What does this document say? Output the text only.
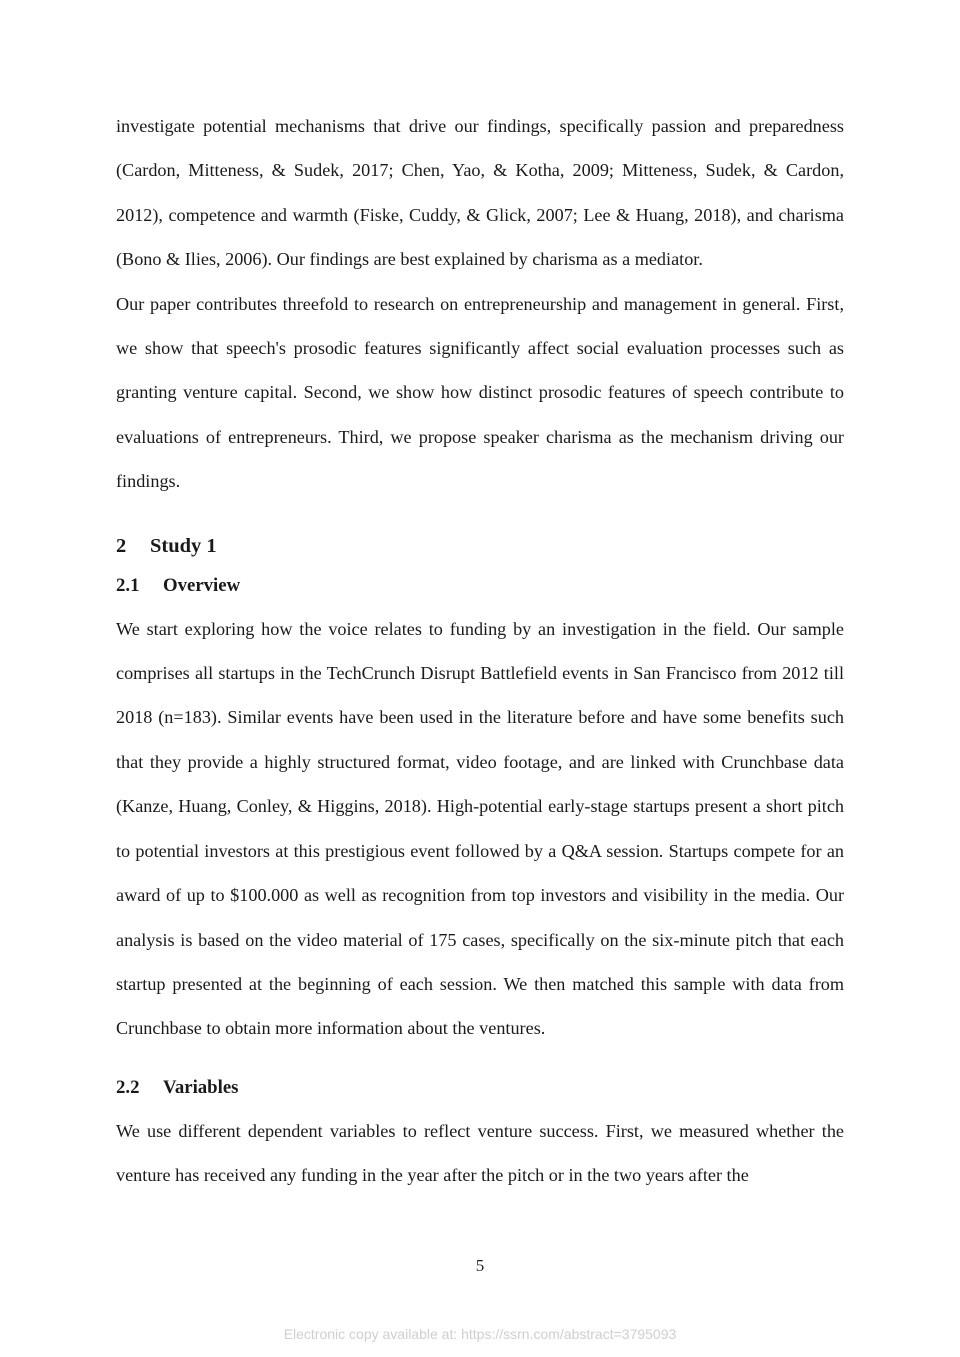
investigate potential mechanisms that drive our findings, specifically passion and preparedness (Cardon, Mitteness, & Sudek, 2017; Chen, Yao, & Kotha, 2009; Mitteness, Sudek, & Cardon, 2012), competence and warmth (Fiske, Cuddy, & Glick, 2007; Lee & Huang, 2018), and charisma (Bono & Ilies, 2006). Our findings are best explained by charisma as a mediator.

Our paper contributes threefold to research on entrepreneurship and management in general. First, we show that speech's prosodic features significantly affect social evaluation processes such as granting venture capital. Second, we show how distinct prosodic features of speech contribute to evaluations of entrepreneurs. Third, we propose speaker charisma as the mechanism driving our findings.

2 Study 1
2.1 Overview

We start exploring how the voice relates to funding by an investigation in the field. Our sample comprises all startups in the TechCrunch Disrupt Battlefield events in San Francisco from 2012 till 2018 (n=183). Similar events have been used in the literature before and have some benefits such that they provide a highly structured format, video footage, and are linked with Crunchbase data (Kanze, Huang, Conley, & Higgins, 2018). High-potential early-stage startups present a short pitch to potential investors at this prestigious event followed by a Q&A session. Startups compete for an award of up to $100.000 as well as recognition from top investors and visibility in the media. Our analysis is based on the video material of 175 cases, specifically on the six-minute pitch that each startup presented at the beginning of each session. We then matched this sample with data from Crunchbase to obtain more information about the ventures.

2.2 Variables

We use different dependent variables to reflect venture success. First, we measured whether the venture has received any funding in the year after the pitch or in the two years after the

5
Electronic copy available at: https://ssrn.com/abstract=3795093
